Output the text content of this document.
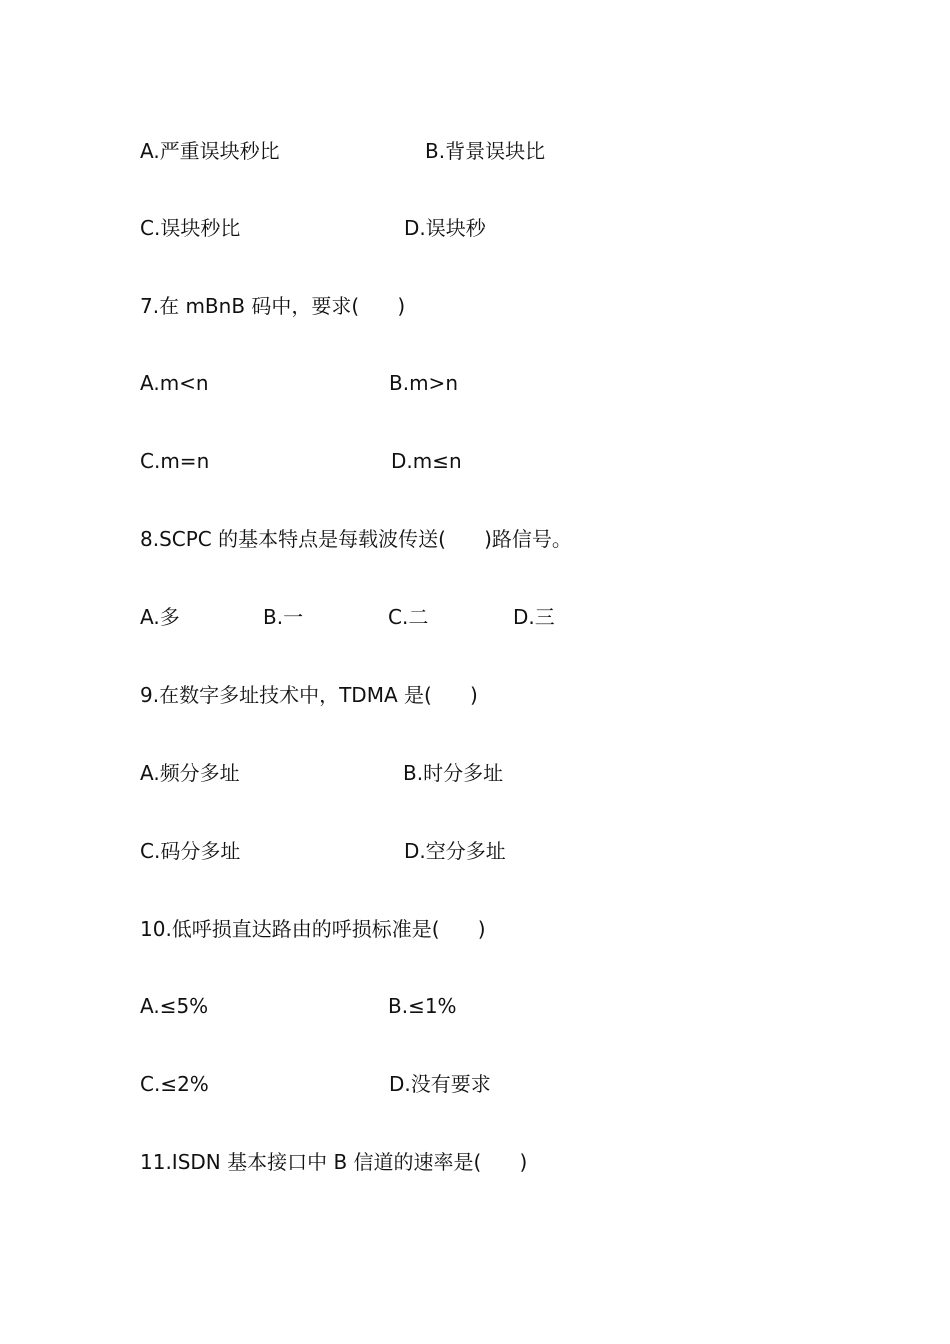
A.严重误块秒比	B.背景误块比
C.误块秒比	D.误块秒
7.在 mBnB 码中，要求(      )
A.m<n	B.m>n
C.m=n	D.m≤n
8.SCPC 的基本特点是每载波传送(      )路信号。
A.多	B.一	C.二	D.三
9.在数字多址技术中，TDMA 是(      )
A.频分多址	B.时分多址
C.码分多址	D.空分多址
10.低呼损直达路由的呼损标准是(      )
A.≤5%	B.≤1%
C.≤2%	D.没有要求
11.ISDN 基本接口中 B 信道的速率是(      )
